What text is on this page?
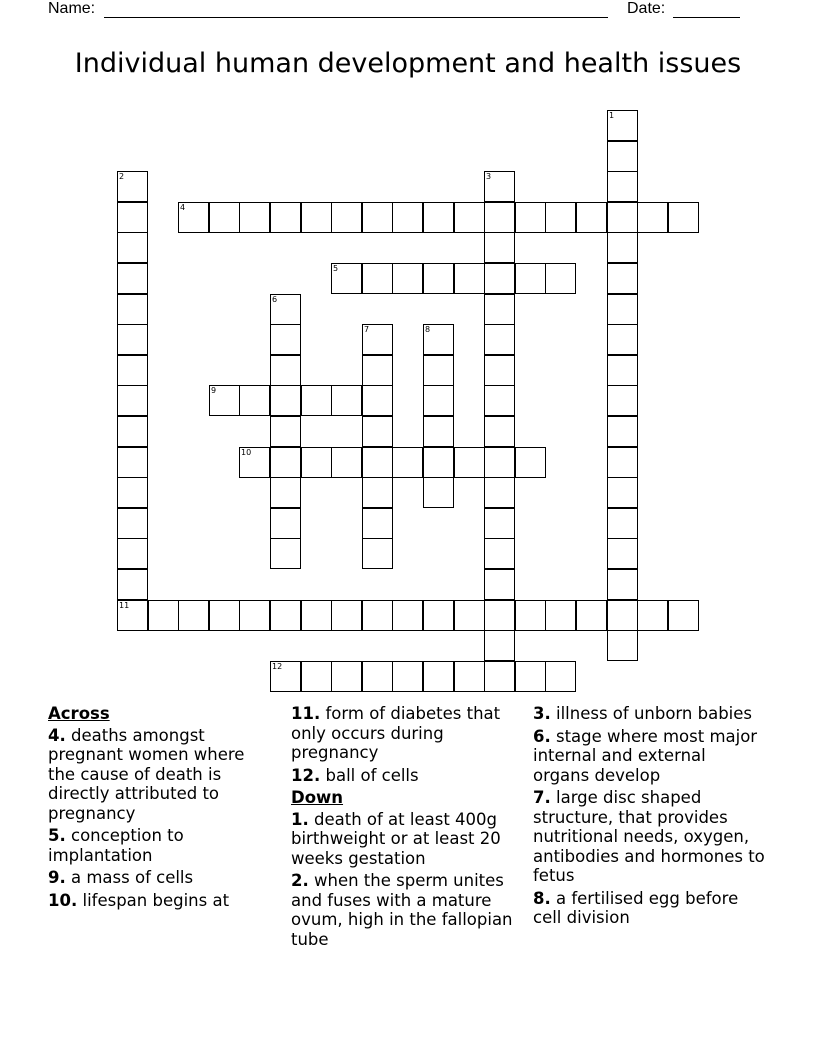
Name:	Date:
Individual human development and health issues
1
2	3
4
5
6
7	8
9
10
11
12
Across
4. deaths amongst pregnant women where the cause of death is directly attributed to pregnancy
5. conception to implantation
9. a mass of cells
10. lifespan begins at
11. form of diabetes that only occurs during pregnancy
12. ball of cells
Down
1. death of at least 400g birthweight or at least 20 weeks gestation
2. when the sperm unites and fuses with a mature ovum, high in the fallopian tube
3. illness of unborn babies
6. stage where most major internal and external organs develop
7. large disc shaped structure, that provides nutritional needs, oxygen, antibodies and hormones to fetus
8. a fertilised egg before cell division
